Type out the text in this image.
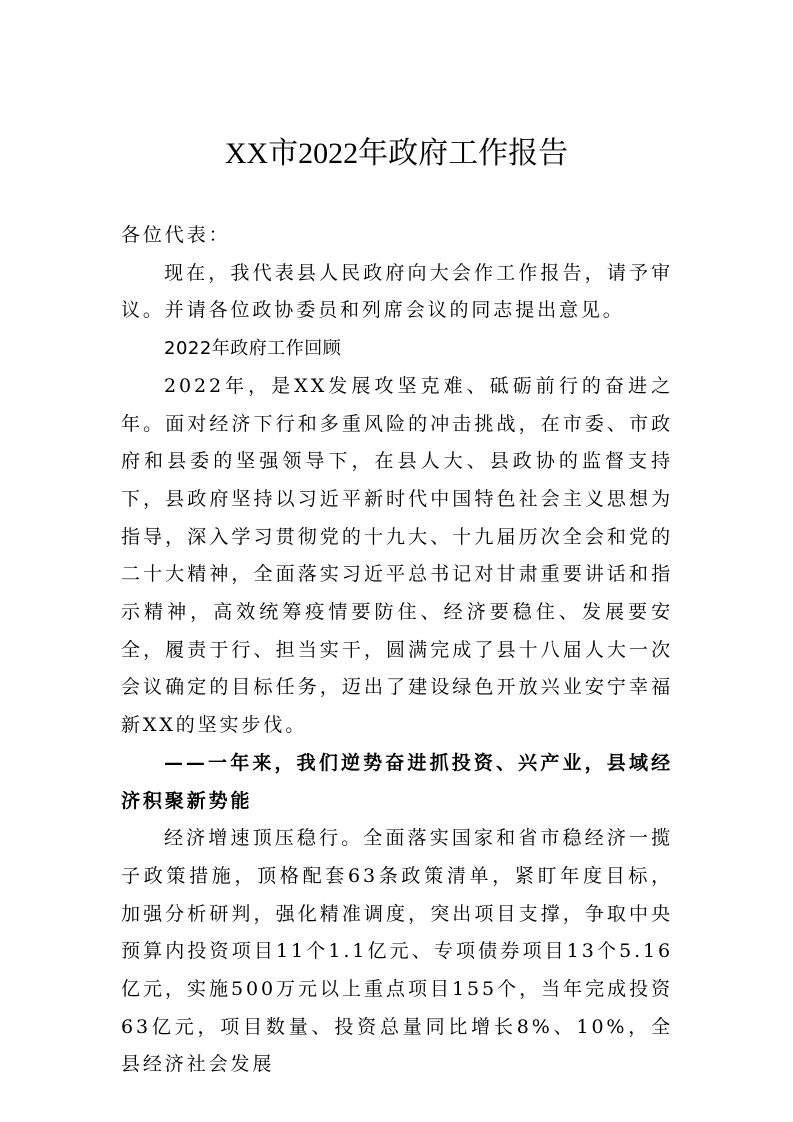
XX市2022年政府工作报告

各位代表：

现在，我代表县人民政府向大会作工作报告，请予审议。并请各位政协委员和列席会议的同志提出意见。

2022年政府工作回顾

2022年，是XX发展攻坚克难、砥砺前行的奋进之年。面对经济下行和多重风险的冲击挑战，在市委、市政府和县委的坚强领导下，在县人大、县政协的监督支持下，县政府坚持以习近平新时代中国特色社会主义思想为指导，深入学习贯彻党的十九大、十九届历次全会和党的二十大精神，全面落实习近平总书记对甘肃重要讲话和指示精神，高效统筹疫情要防住、经济要稳住、发展要安全，履责于行、担当实干，圆满完成了县十八届人大一次会议确定的目标任务，迈出了建设绿色开放兴业安宁幸福新XX的坚实步伐。

——一年来，我们逆势奋进抓投资、兴产业，县域经济积聚新势能

经济增速顶压稳行。全面落实国家和省市稳经济一揽子政策措施，顶格配套63条政策清单，紧盯年度目标，加强分析研判，强化精准调度，突出项目支撑，争取中央预算内投资项目11个1.1亿元、专项债券项目13个5.16亿元，实施500万元以上重点项目155个，当年完成投资63亿元，项目数量、投资总量同比增长8%、10%，全县经济社会发展
